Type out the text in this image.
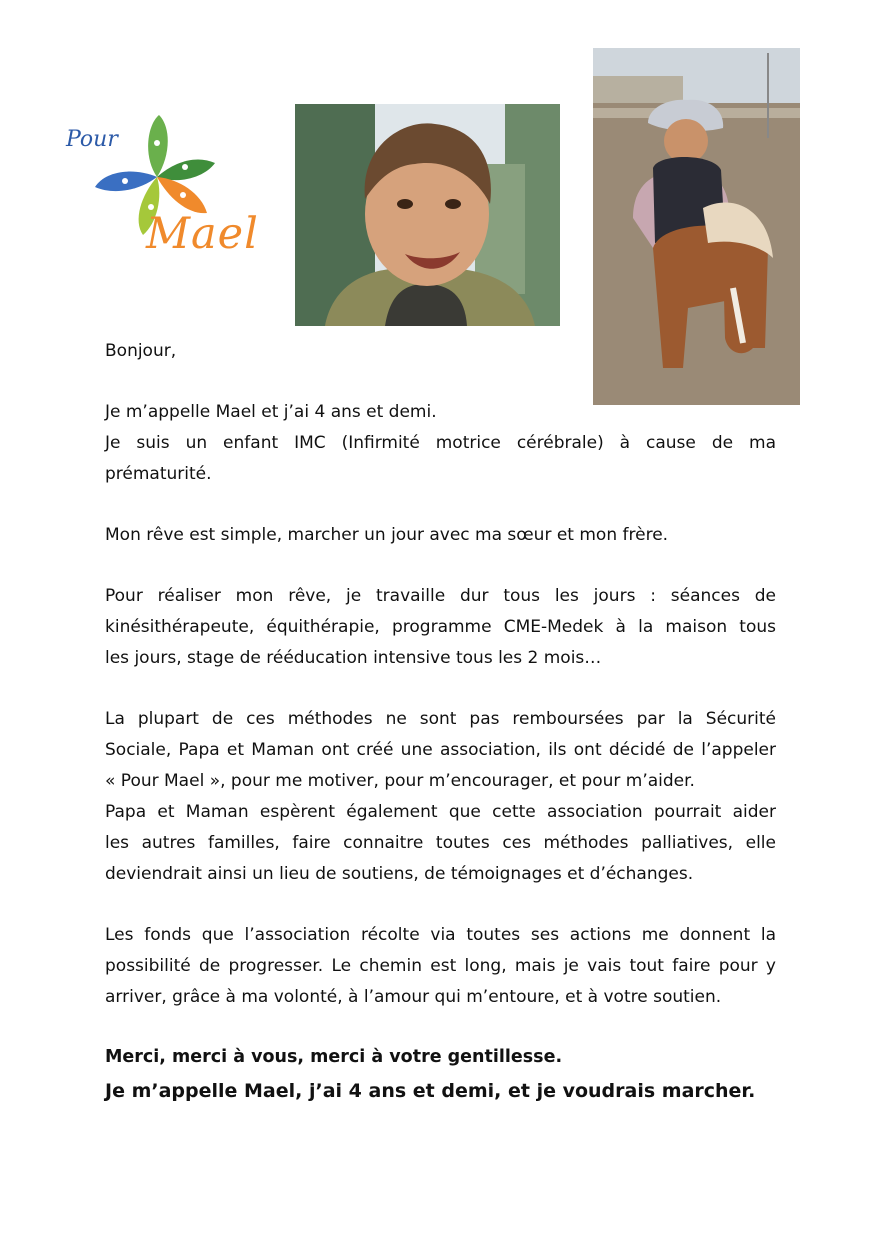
Pour
Mael
Bonjour,
Je m’appelle Mael et j’ai 4 ans et demi.
Je suis un enfant IMC (Infirmité motrice cérébrale) à cause de ma
prématurité.
Mon rêve est simple, marcher un jour avec ma sœur et mon frère.
Pour réaliser mon rêve, je travaille dur tous les jours : séances de
kinésithérapeute, équithérapie, programme CME-Medek à la maison tous
les jours, stage de rééducation intensive tous les 2 mois…
La plupart de ces méthodes ne sont pas remboursées par la Sécurité
Sociale, Papa et Maman ont créé une association, ils ont décidé de l’appeler
« Pour Mael », pour me motiver, pour m’encourager, et pour m’aider.
Papa et Maman espèrent également que cette association pourrait aider
les autres familles, faire connaitre toutes ces méthodes palliatives, elle
deviendrait ainsi un lieu de soutiens, de témoignages et d’échanges.
Les fonds que l’association récolte via toutes ses actions me donnent la
possibilité de progresser. Le chemin est long, mais je vais tout faire pour y
arriver, grâce à ma volonté, à l’amour qui m’entoure, et à votre soutien.
Merci, merci à vous, merci à votre gentillesse.
Je m’appelle Mael, j’ai 4 ans et demi, et je voudrais marcher.
